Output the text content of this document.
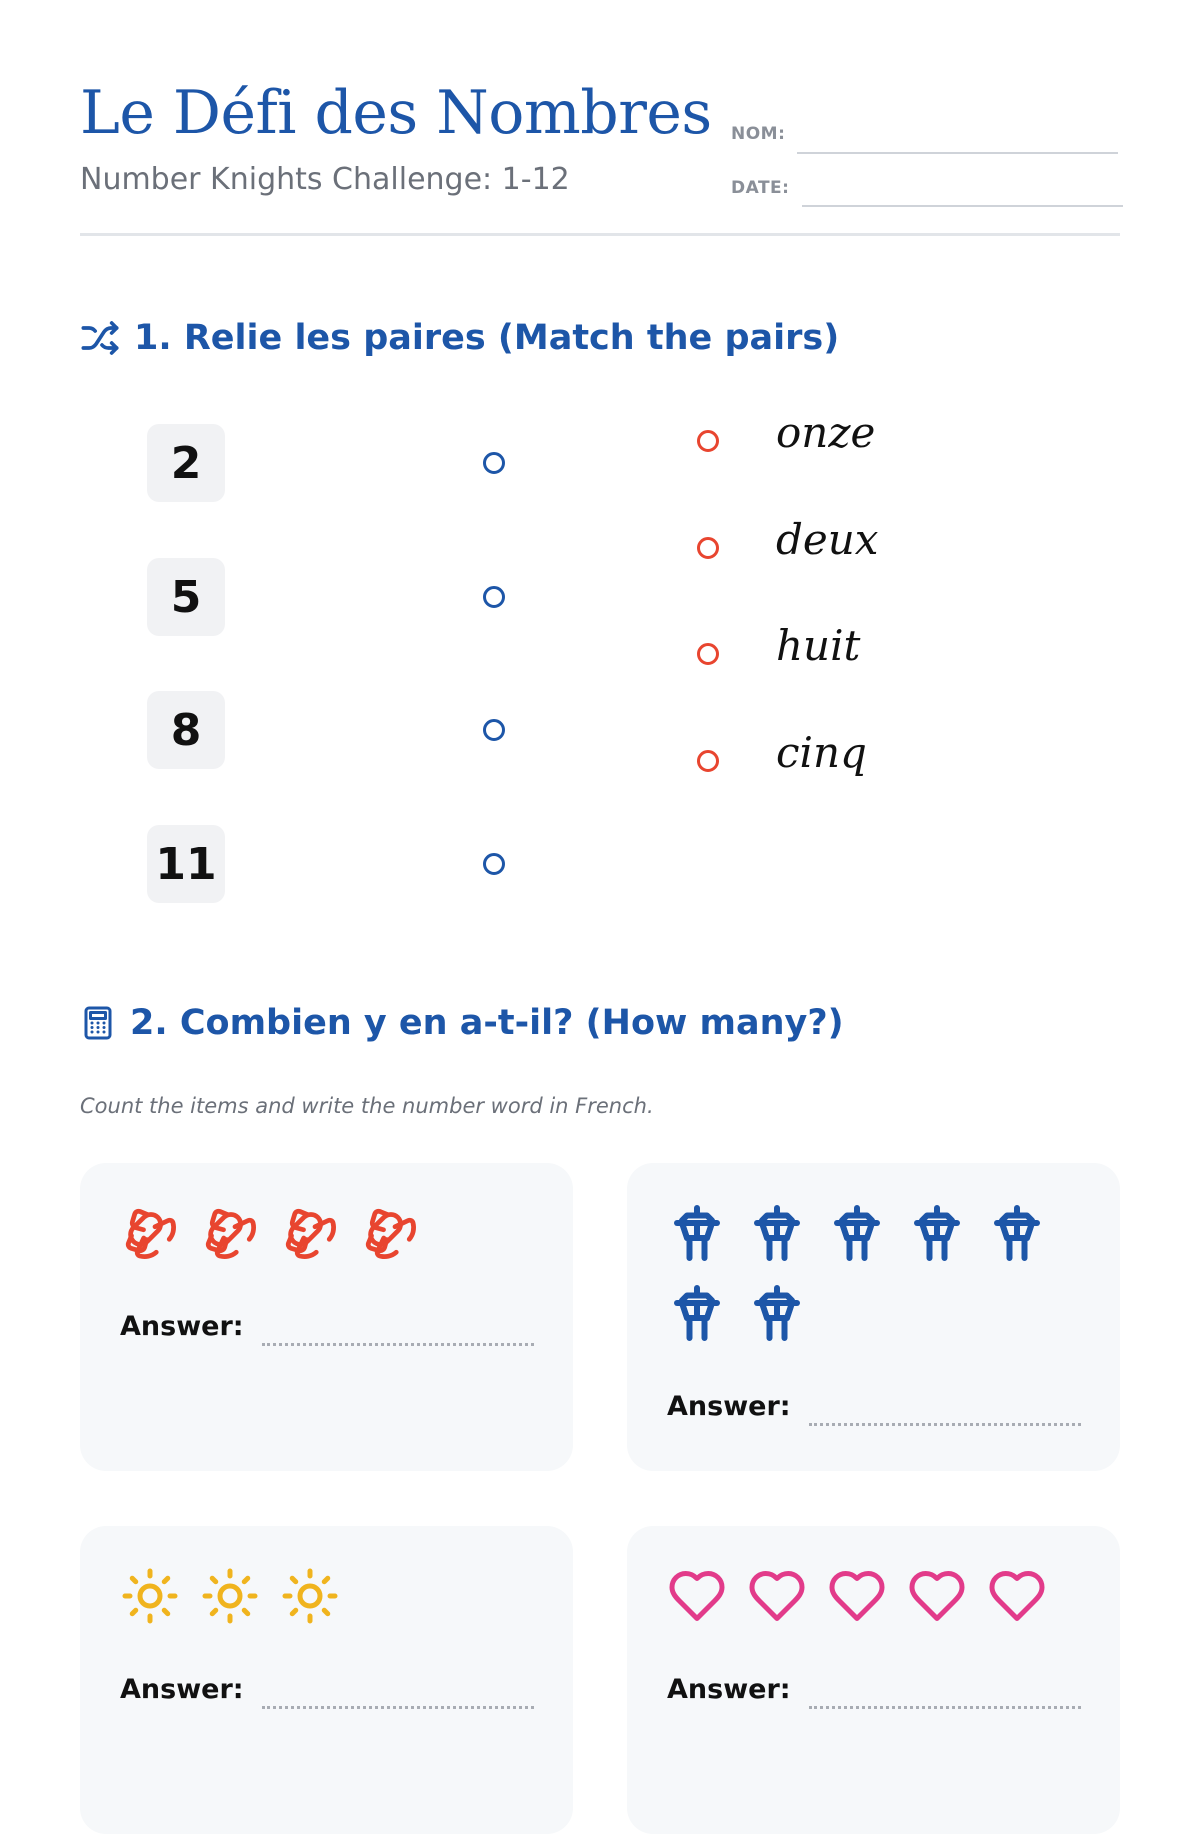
Le Défi des Nombres
Number Knights Challenge: 1-12
NOM:
DATE:
1. Relie les paires (Match the pairs)
2. Combien y en a-t-il? (How many?)
Count the items and write the number word in French.
Answer:
Answer:
Answer:	Answer:
2
5
8
11
onze
deux
huit
cinq
